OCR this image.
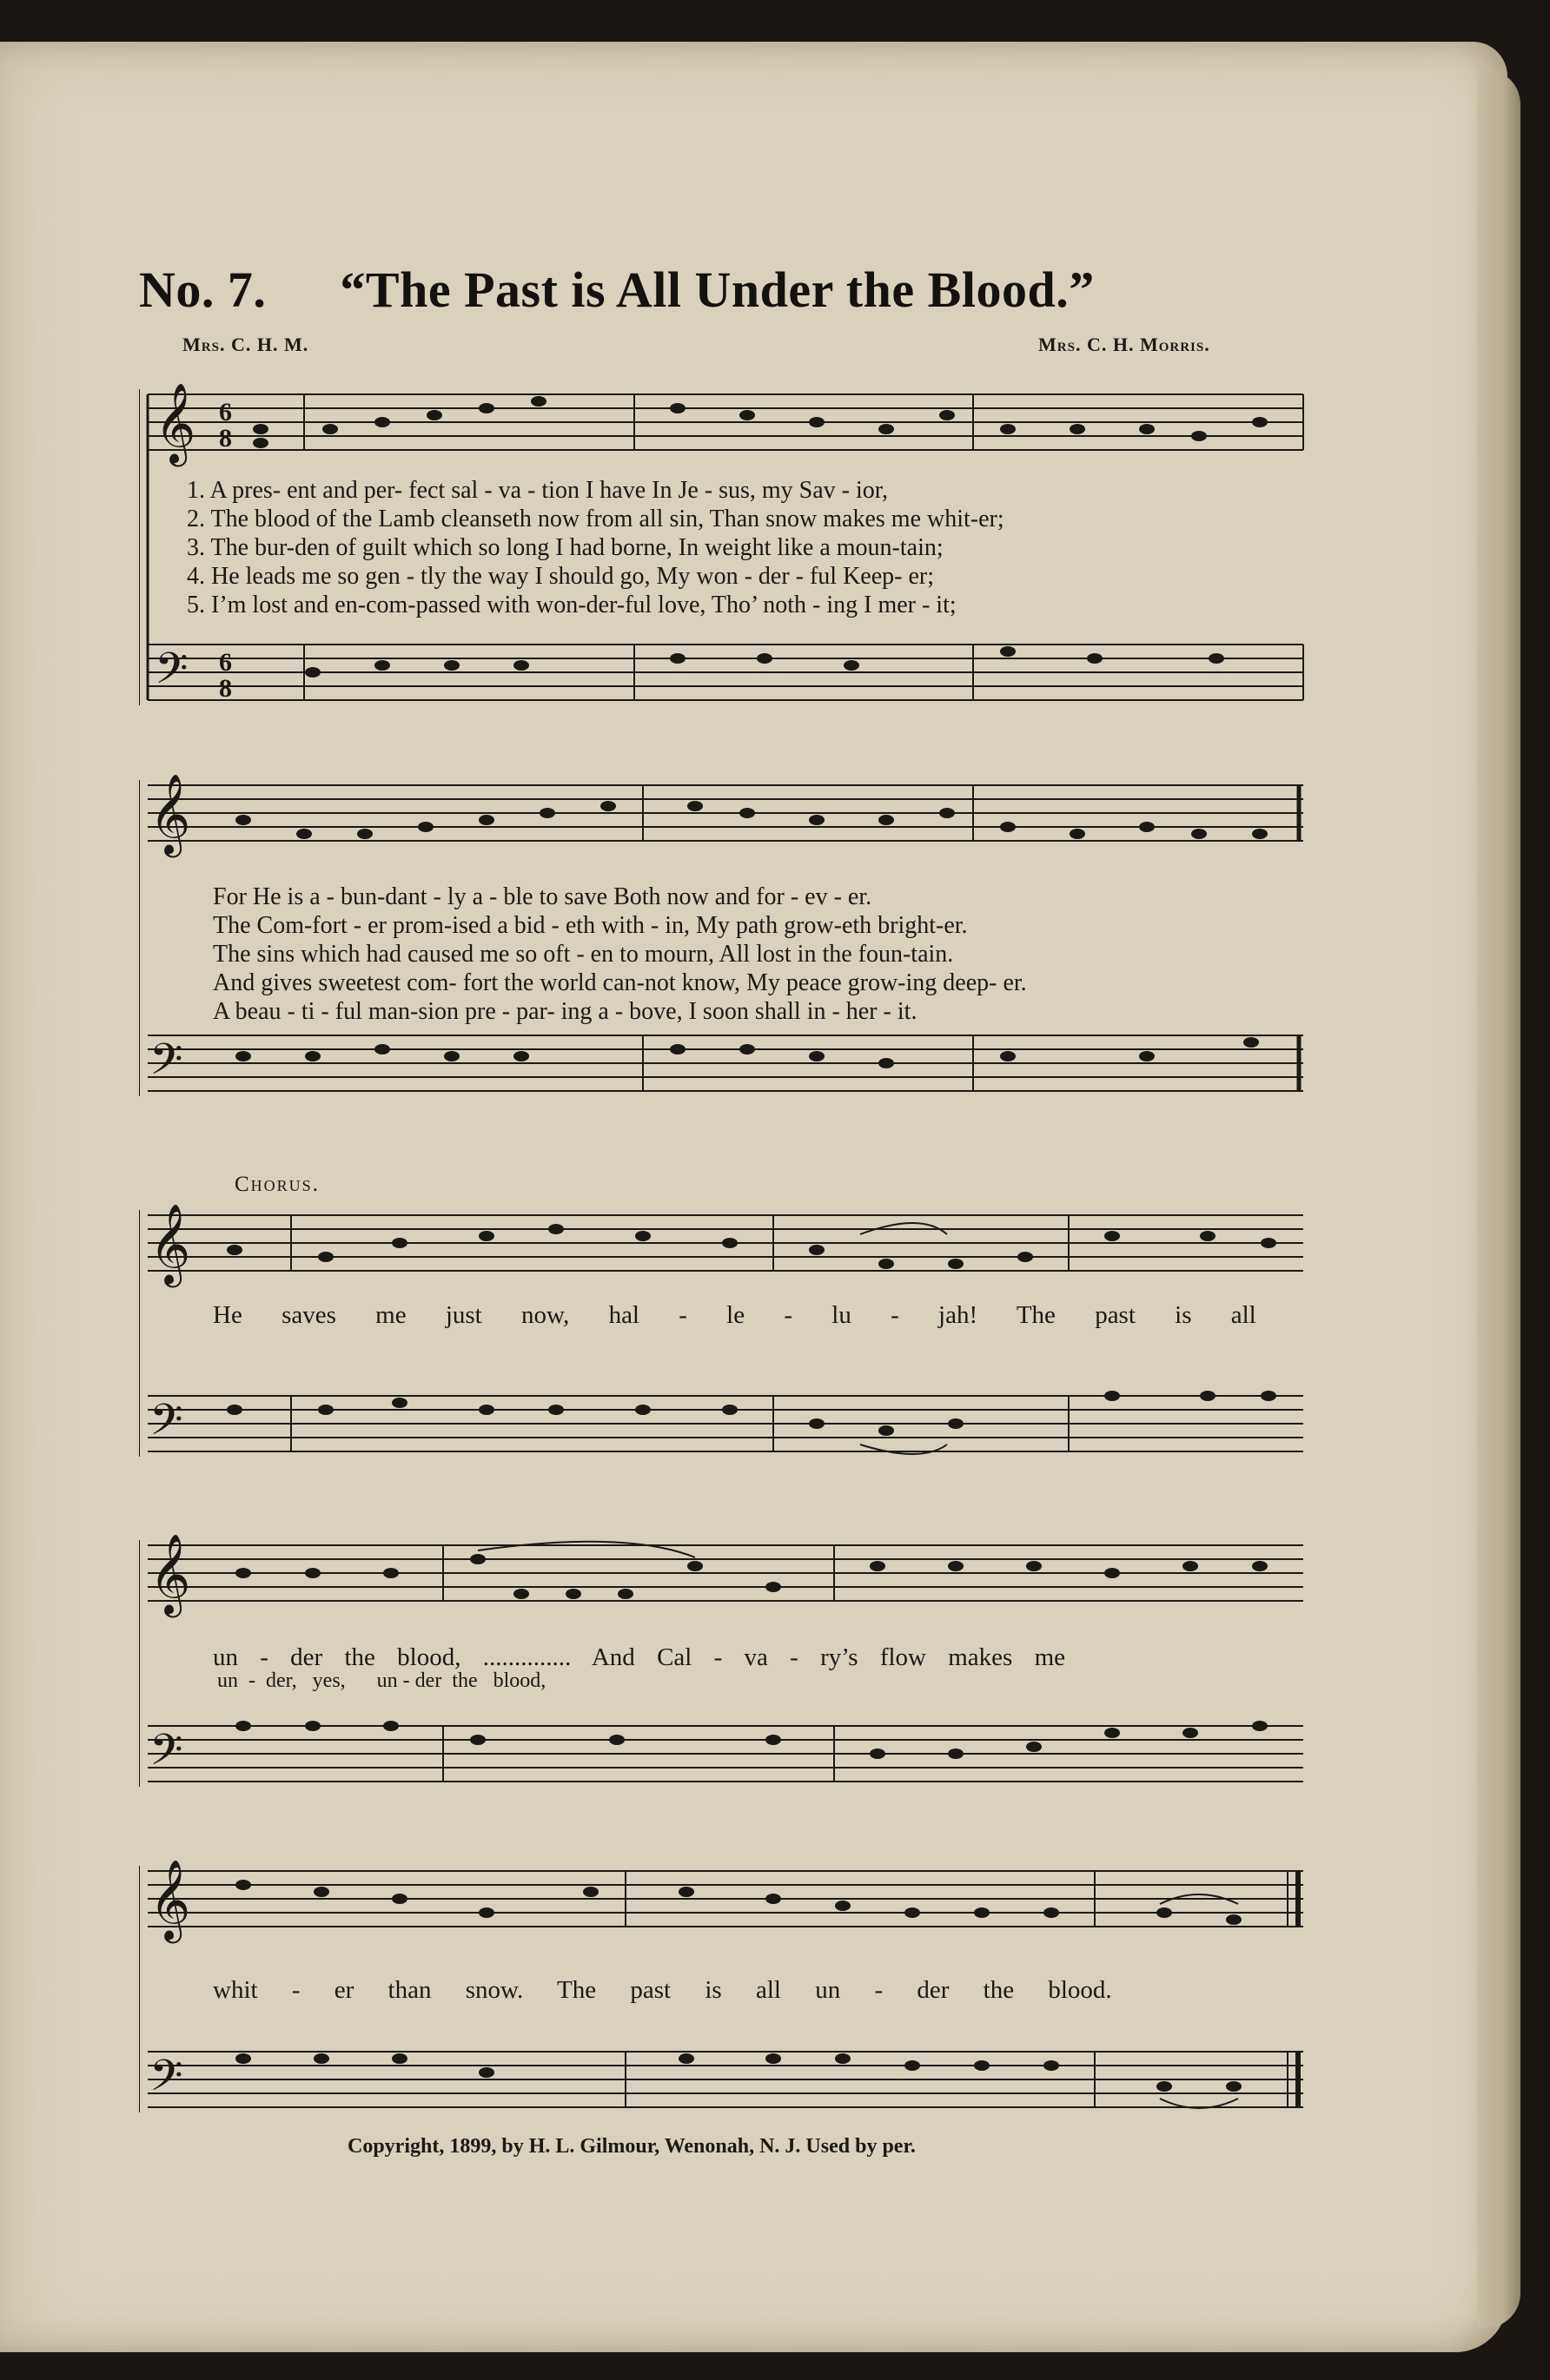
No. 7. “The Past is All Under the Blood.”
Mrs. C. H. M.	Mrs. C. H. Morris.
𝄞
𝄢
6
8
6
8
1. A pres- ent and per- fect sal - va - tion I have In Je - sus, my Sav - ior,
2. The blood of the Lamb cleanseth now from all sin, Than snow makes me whit-er;
3. The bur-den of guilt which so long I had borne, In weight like a moun-tain;
4. He leads me so gen - tly the way I should go, My won - der - ful Keep- er;
5. I’m lost and en-com-passed with won-der-ful love, Tho’ noth - ing I mer - it;
𝄞
𝄢
For He is a - bun-dant - ly a - ble to save Both now and for - ev - er.
The Com-fort - er prom-ised a bid - eth with - in, My path grow-eth bright-er.
The sins which had caused me so oft - en to mourn, All lost in the foun-tain.
And gives sweetest com- fort the world can-not know, My peace grow-ing deep- er.
A beau - ti - ful man-sion pre - par- ing a - bove, I soon shall in - her - it.
Chorus.
𝄞
𝄢
He saves me just now, hal - le - lu - jah! The past is all
𝄞
𝄢
un - der the blood, .............. And Cal - va - ry’s flow makes me
un  -  der,   yes,      un - der  the   blood,
𝄞
𝄢
whit - er than snow. The past is all un - der the blood.
Copyright, 1899, by H. L. Gilmour, Wenonah, N. J. Used by per.
